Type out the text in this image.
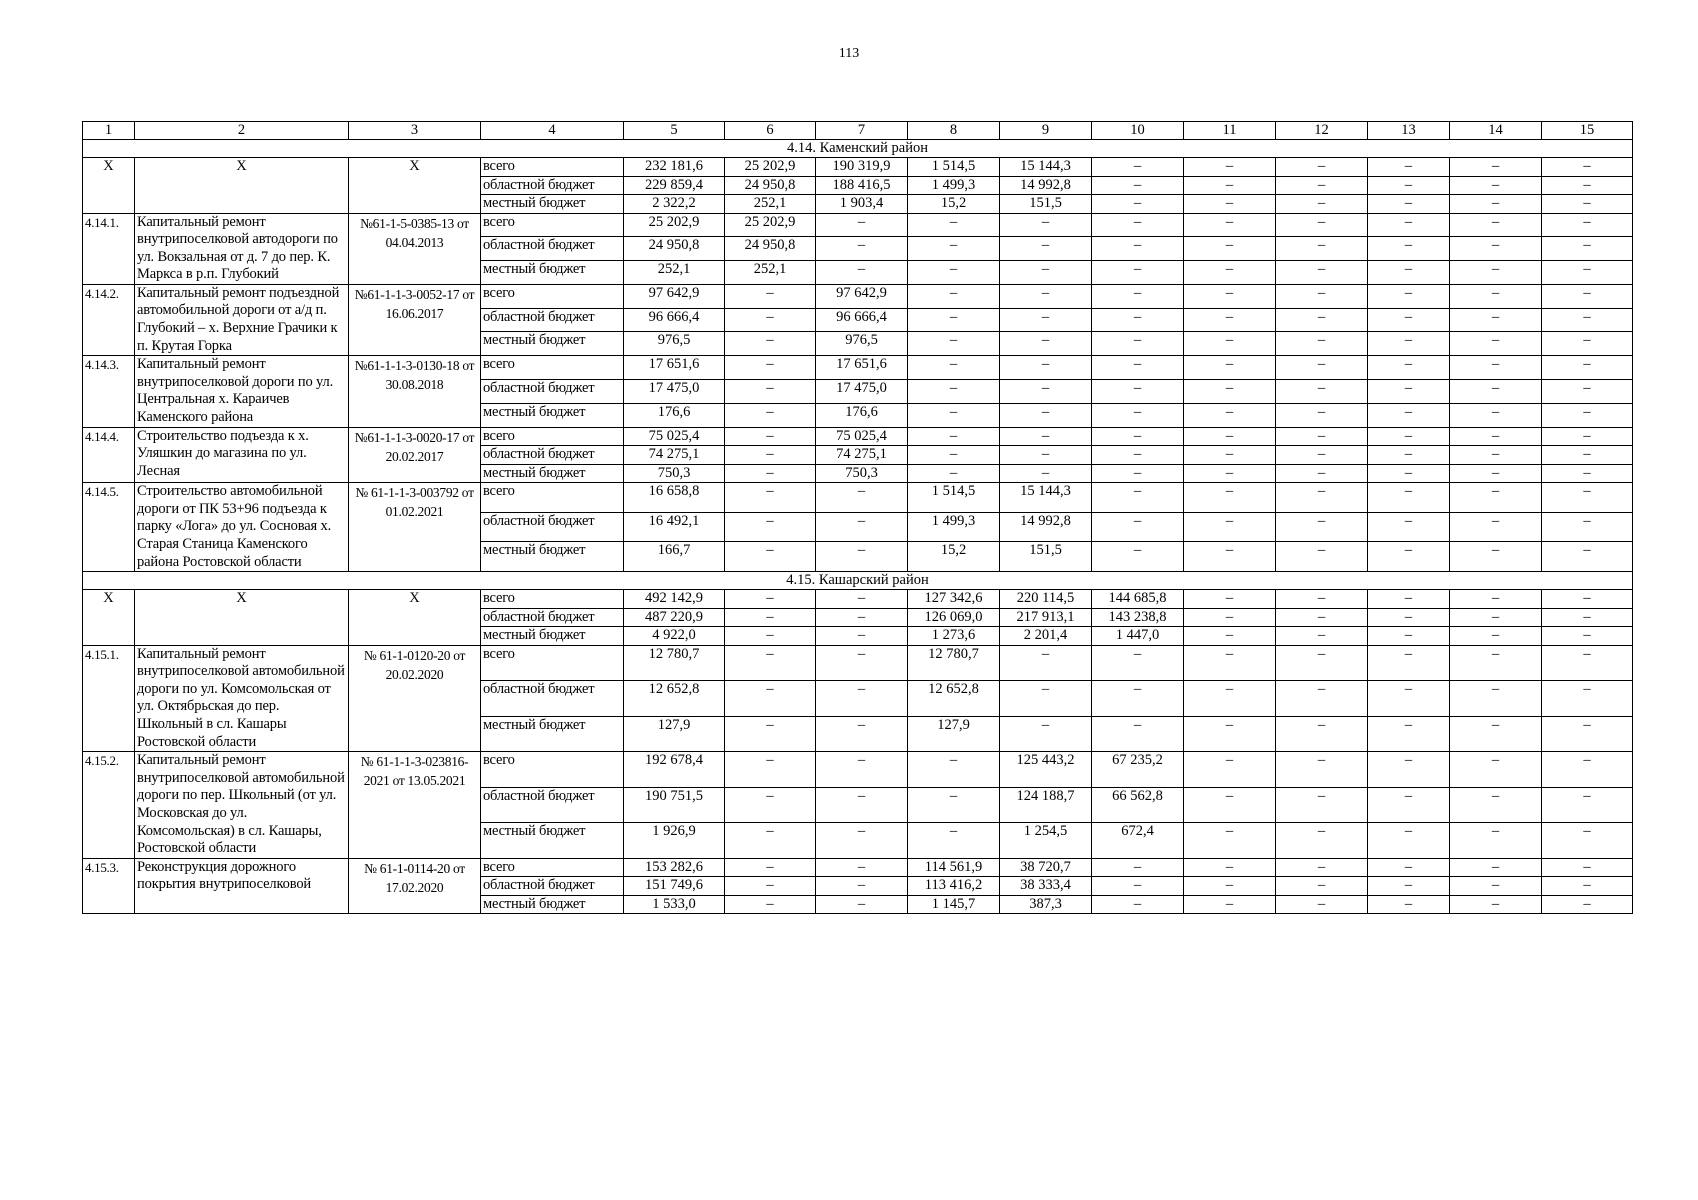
113
1	2	3	4	5	6	7	8	9	10	11	12	13	14	15
4.14. Каменский район														
X	X	X	всего	232 181,6	25 202,9	190 319,9	1 514,5	15 144,3	–	–	–	–	–	–
			областной бюджет	229 859,4	24 950,8	188 416,5	1 499,3	14 992,8	–	–	–	–	–	–
			местный бюджет	2 322,2	252,1	1 903,4	15,2	151,5	–	–	–	–	–	–
4.14.1.	Капитальный ремонт внутрипоселковой автодороги по ул. Вокзальная от д. 7 до пер. К. Маркса в р.п. Глубокий	№61-1-5-0385-13 от 04.04.2013	всего	25 202,9	25 202,9	–	–	–	–	–	–	–	–	–
			областной бюджет	24 950,8	24 950,8	–	–	–	–	–	–	–	–	–
			местный бюджет	252,1	252,1	–	–	–	–	–	–	–	–	–
4.14.2.	Капитальный ремонт подъездной автомобильной дороги от а/д п. Глубокий – х. Верхние Грачики к п. Крутая Горка	№61-1-1-3-0052-17 от 16.06.2017	всего	97 642,9	–	97 642,9	–	–	–	–	–	–	–	–
			областной бюджет	96 666,4	–	96 666,4	–	–	–	–	–	–	–	–
			местный бюджет	976,5	–	976,5	–	–	–	–	–	–	–	–
4.14.3.	Капитальный ремонт внутрипоселковой дороги по ул. Центральная х. Караичев Каменского района	№61-1-1-3-0130-18 от 30.08.2018	всего	17 651,6	–	17 651,6	–	–	–	–	–	–	–	–
			областной бюджет	17 475,0	–	17 475,0	–	–	–	–	–	–	–	–
			местный бюджет	176,6	–	176,6	–	–	–	–	–	–	–	–
4.14.4.	Строительство подъезда к х. Уляшкин до магазина по ул. Лесная	№61-1-1-3-0020-17 от 20.02.2017	всего	75 025,4	–	75 025,4	–	–	–	–	–	–	–	–
			областной бюджет	74 275,1	–	74 275,1	–	–	–	–	–	–	–	–
			местный бюджет	750,3	–	750,3	–	–	–	–	–	–	–	–
4.14.5.	Строительство автомобильной дороги от ПК 53+96 подъезда к парку «Лога» до ул. Сосновая х. Старая Станица Каменского района Ростовской области	№ 61-1-1-3-003792 от 01.02.2021	всего	16 658,8	–	–	1 514,5	15 144,3	–	–	–	–	–	–
			областной бюджет	16 492,1	–	–	1 499,3	14 992,8	–	–	–	–	–	–
			местный бюджет	166,7	–	–	15,2	151,5	–	–	–	–	–	–
4.15. Кашарский район														
X	X	X	всего	492 142,9	–	–	127 342,6	220 114,5	144 685,8	–	–	–	–	–
			областной бюджет	487 220,9	–	–	126 069,0	217 913,1	143 238,8	–	–	–	–	–
			местный бюджет	4 922,0	–	–	1 273,6	2 201,4	1 447,0	–	–	–	–	–
4.15.1.	Капитальный ремонт внутрипоселковой автомобильной дороги по ул. Комсомольская от ул. Октябрьская до пер. Школьный в сл. Кашары Ростовской области	№ 61-1-0120-20 от 20.02.2020	всего	12 780,7	–	–	12 780,7	–	–	–	–	–	–	–
			областной бюджет	12 652,8	–	–	12 652,8	–	–	–	–	–	–	–
			местный бюджет	127,9	–	–	127,9	–	–	–	–	–	–	–
4.15.2.	Капитальный ремонт внутрипоселковой автомобильной дороги по пер. Школьный (от ул. Московская до ул. Комсомольская) в сл. Кашары, Ростовской области	№ 61-1-1-3-023816-2021 от 13.05.2021	всего	192 678,4	–	–	–	125 443,2	67 235,2	–	–	–	–	–
			областной бюджет	190 751,5	–	–	–	124 188,7	66 562,8	–	–	–	–	–
			местный бюджет	1 926,9	–	–	–	1 254,5	672,4	–	–	–	–	–
4.15.3.	Реконструкция дорожного покрытия внутрипоселковой	№ 61-1-0114-20 от 17.02.2020	всего	153 282,6	–	–	114 561,9	38 720,7	–	–	–	–	–	–
			областной бюджет	151 749,6	–	–	113 416,2	38 333,4	–	–	–	–	–	–
			местный бюджет	1 533,0	–	–	1 145,7	387,3	–	–	–	–	–	–
